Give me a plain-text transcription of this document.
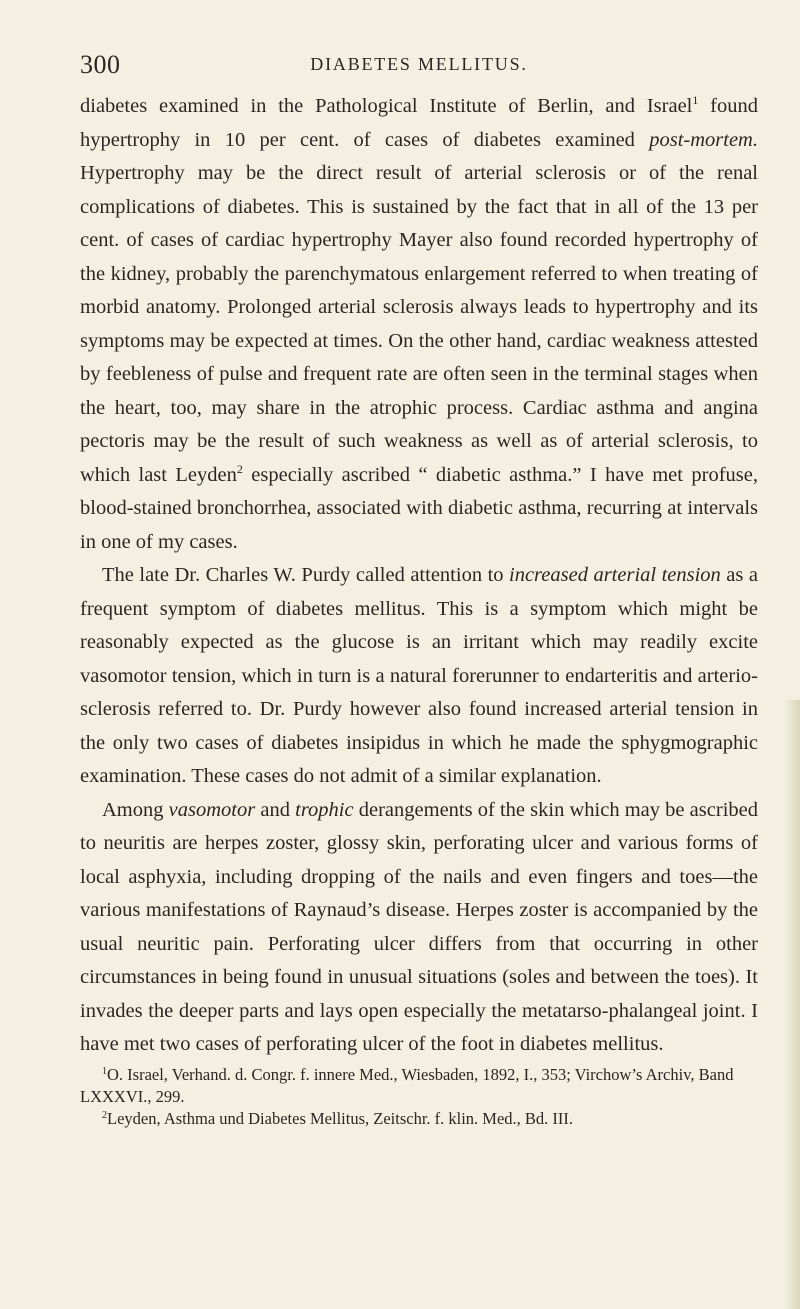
300	DIABETES MELLITUS.

diabetes examined in the Pathological Institute of Berlin, and Israel$^1$ found hypertrophy in 10 per cent. of cases of diabetes examined post-mortem. Hypertrophy may be the direct result of arterial sclerosis or of the renal complications of diabetes. This is sustained by the fact that in all of the 13 per cent. of cases of cardiac hypertrophy Mayer also found recorded hypertrophy of the kidney, probably the parenchymatous enlargement referred to when treating of morbid anatomy. Prolonged arterial sclerosis always leads to hypertrophy and its symptoms may be expected at times. On the other hand, cardiac weakness attested by feebleness of pulse and frequent rate are often seen in the terminal stages when the heart, too, may share in the atrophic process. Cardiac asthma and angina pectoris may be the result of such weakness as well as of arterial sclerosis, to which last Leyden$^2$ especially ascribed “ diabetic asthma.” I have met profuse, blood-stained bronchorrhea, associated with diabetic asthma, recurring at intervals in one of my cases.

The late Dr. Charles W. Purdy called attention to increased arterial tension as a frequent symptom of diabetes mellitus. This is a symptom which might be reasonably expected as the glucose is an irritant which may readily excite vasomotor tension, which in turn is a natural forerunner to endarteritis and arterio-sclerosis referred to. Dr. Purdy however also found increased arterial tension in the only two cases of diabetes insipidus in which he made the sphygmographic examination. These cases do not admit of a similar explanation.

Among vasomotor and trophic derangements of the skin which may be ascribed to neuritis are herpes zoster, glossy skin, perforating ulcer and various forms of local asphyxia, including dropping of the nails and even fingers and toes—the various manifestations of Raynaud’s disease. Herpes zoster is accompanied by the usual neuritic pain. Perforating ulcer differs from that occurring in other circumstances in being found in unusual situations (soles and between the toes). It invades the deeper parts and lays open especially the metatarso-phalangeal joint. I have met two cases of perforating ulcer of the foot in diabetes mellitus.

$^1$O. Israel, Verhand. d. Congr. f. innere Med., Wiesbaden, 1892, I., 353; Virchow’s Archiv, Band LXXXVI., 299.

$^2$Leyden, Asthma und Diabetes Mellitus, Zeitschr. f. klin. Med., Bd. III.
